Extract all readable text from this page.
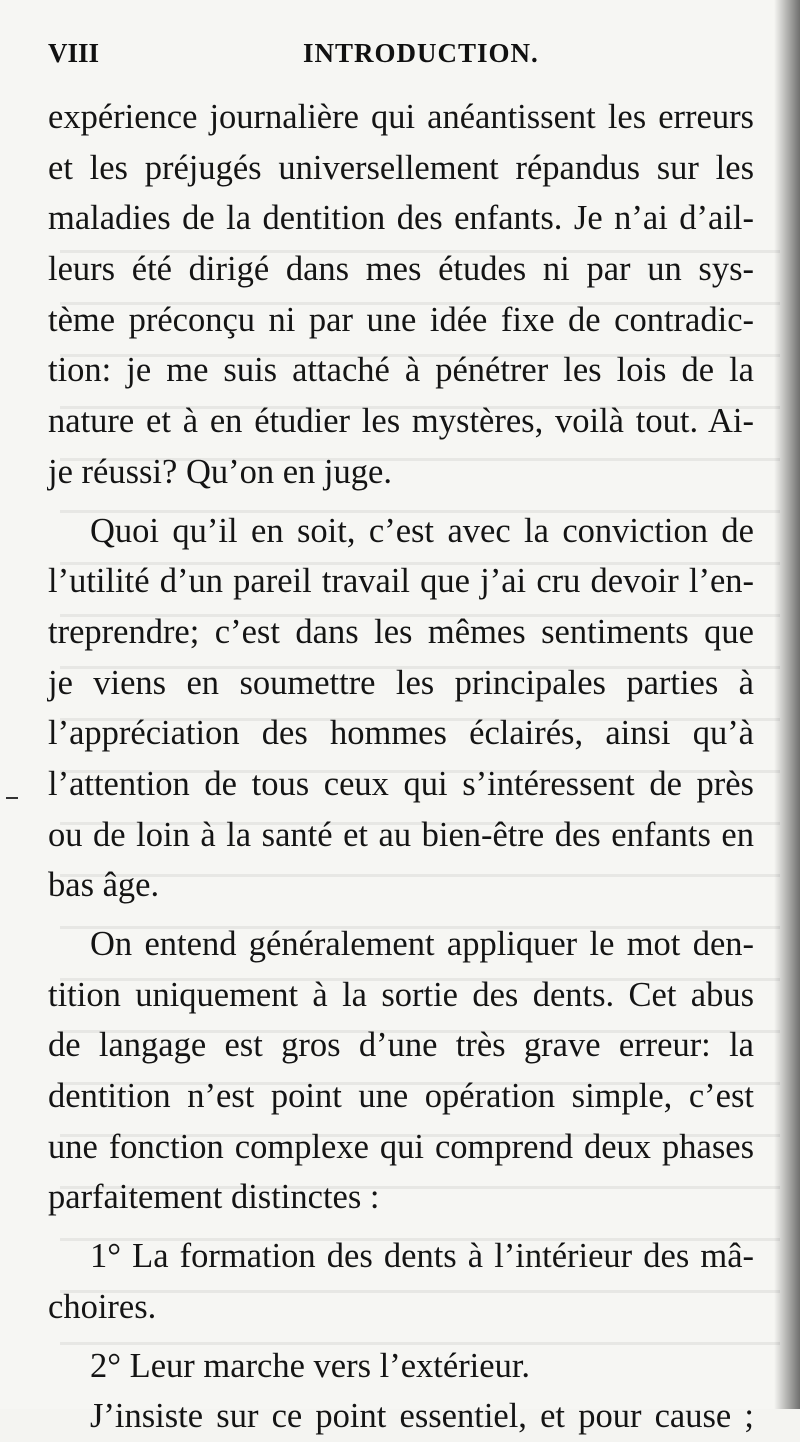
VIII	INTRODUCTION.
expérience journalière qui anéantissent les erreurs
et les préjugés universellement répandus sur les
maladies de la dentition des enfants. Je n’ai d’ail-
leurs été dirigé dans mes études ni par un sys-
tème préconçu ni par une idée fixe de contradic-
tion: je me suis attaché à pénétrer les lois de la
nature et à en étudier les mystères, voilà tout. Ai-
je réussi? Qu’on en juge.
Quoi qu’il en soit, c’est avec la conviction de
l’utilité d’un pareil travail que j’ai cru devoir l’en-
treprendre; c’est dans les mêmes sentiments que
je viens en soumettre les principales parties à
l’appréciation des hommes éclairés, ainsi qu’à
l’attention de tous ceux qui s’intéressent de près
ou de loin à la santé et au bien-être des enfants en
bas âge.
On entend généralement appliquer le mot den-
tition uniquement à la sortie des dents. Cet abus
de langage est gros d’une très grave erreur: la
dentition n’est point une opération simple, c’est
une fonction complexe qui comprend deux phases
parfaitement distinctes :
1° La formation des dents à l’intérieur des mâ-
choires.
2° Leur marche vers l’extérieur.
J’insiste sur ce point essentiel, et pour cause ;
